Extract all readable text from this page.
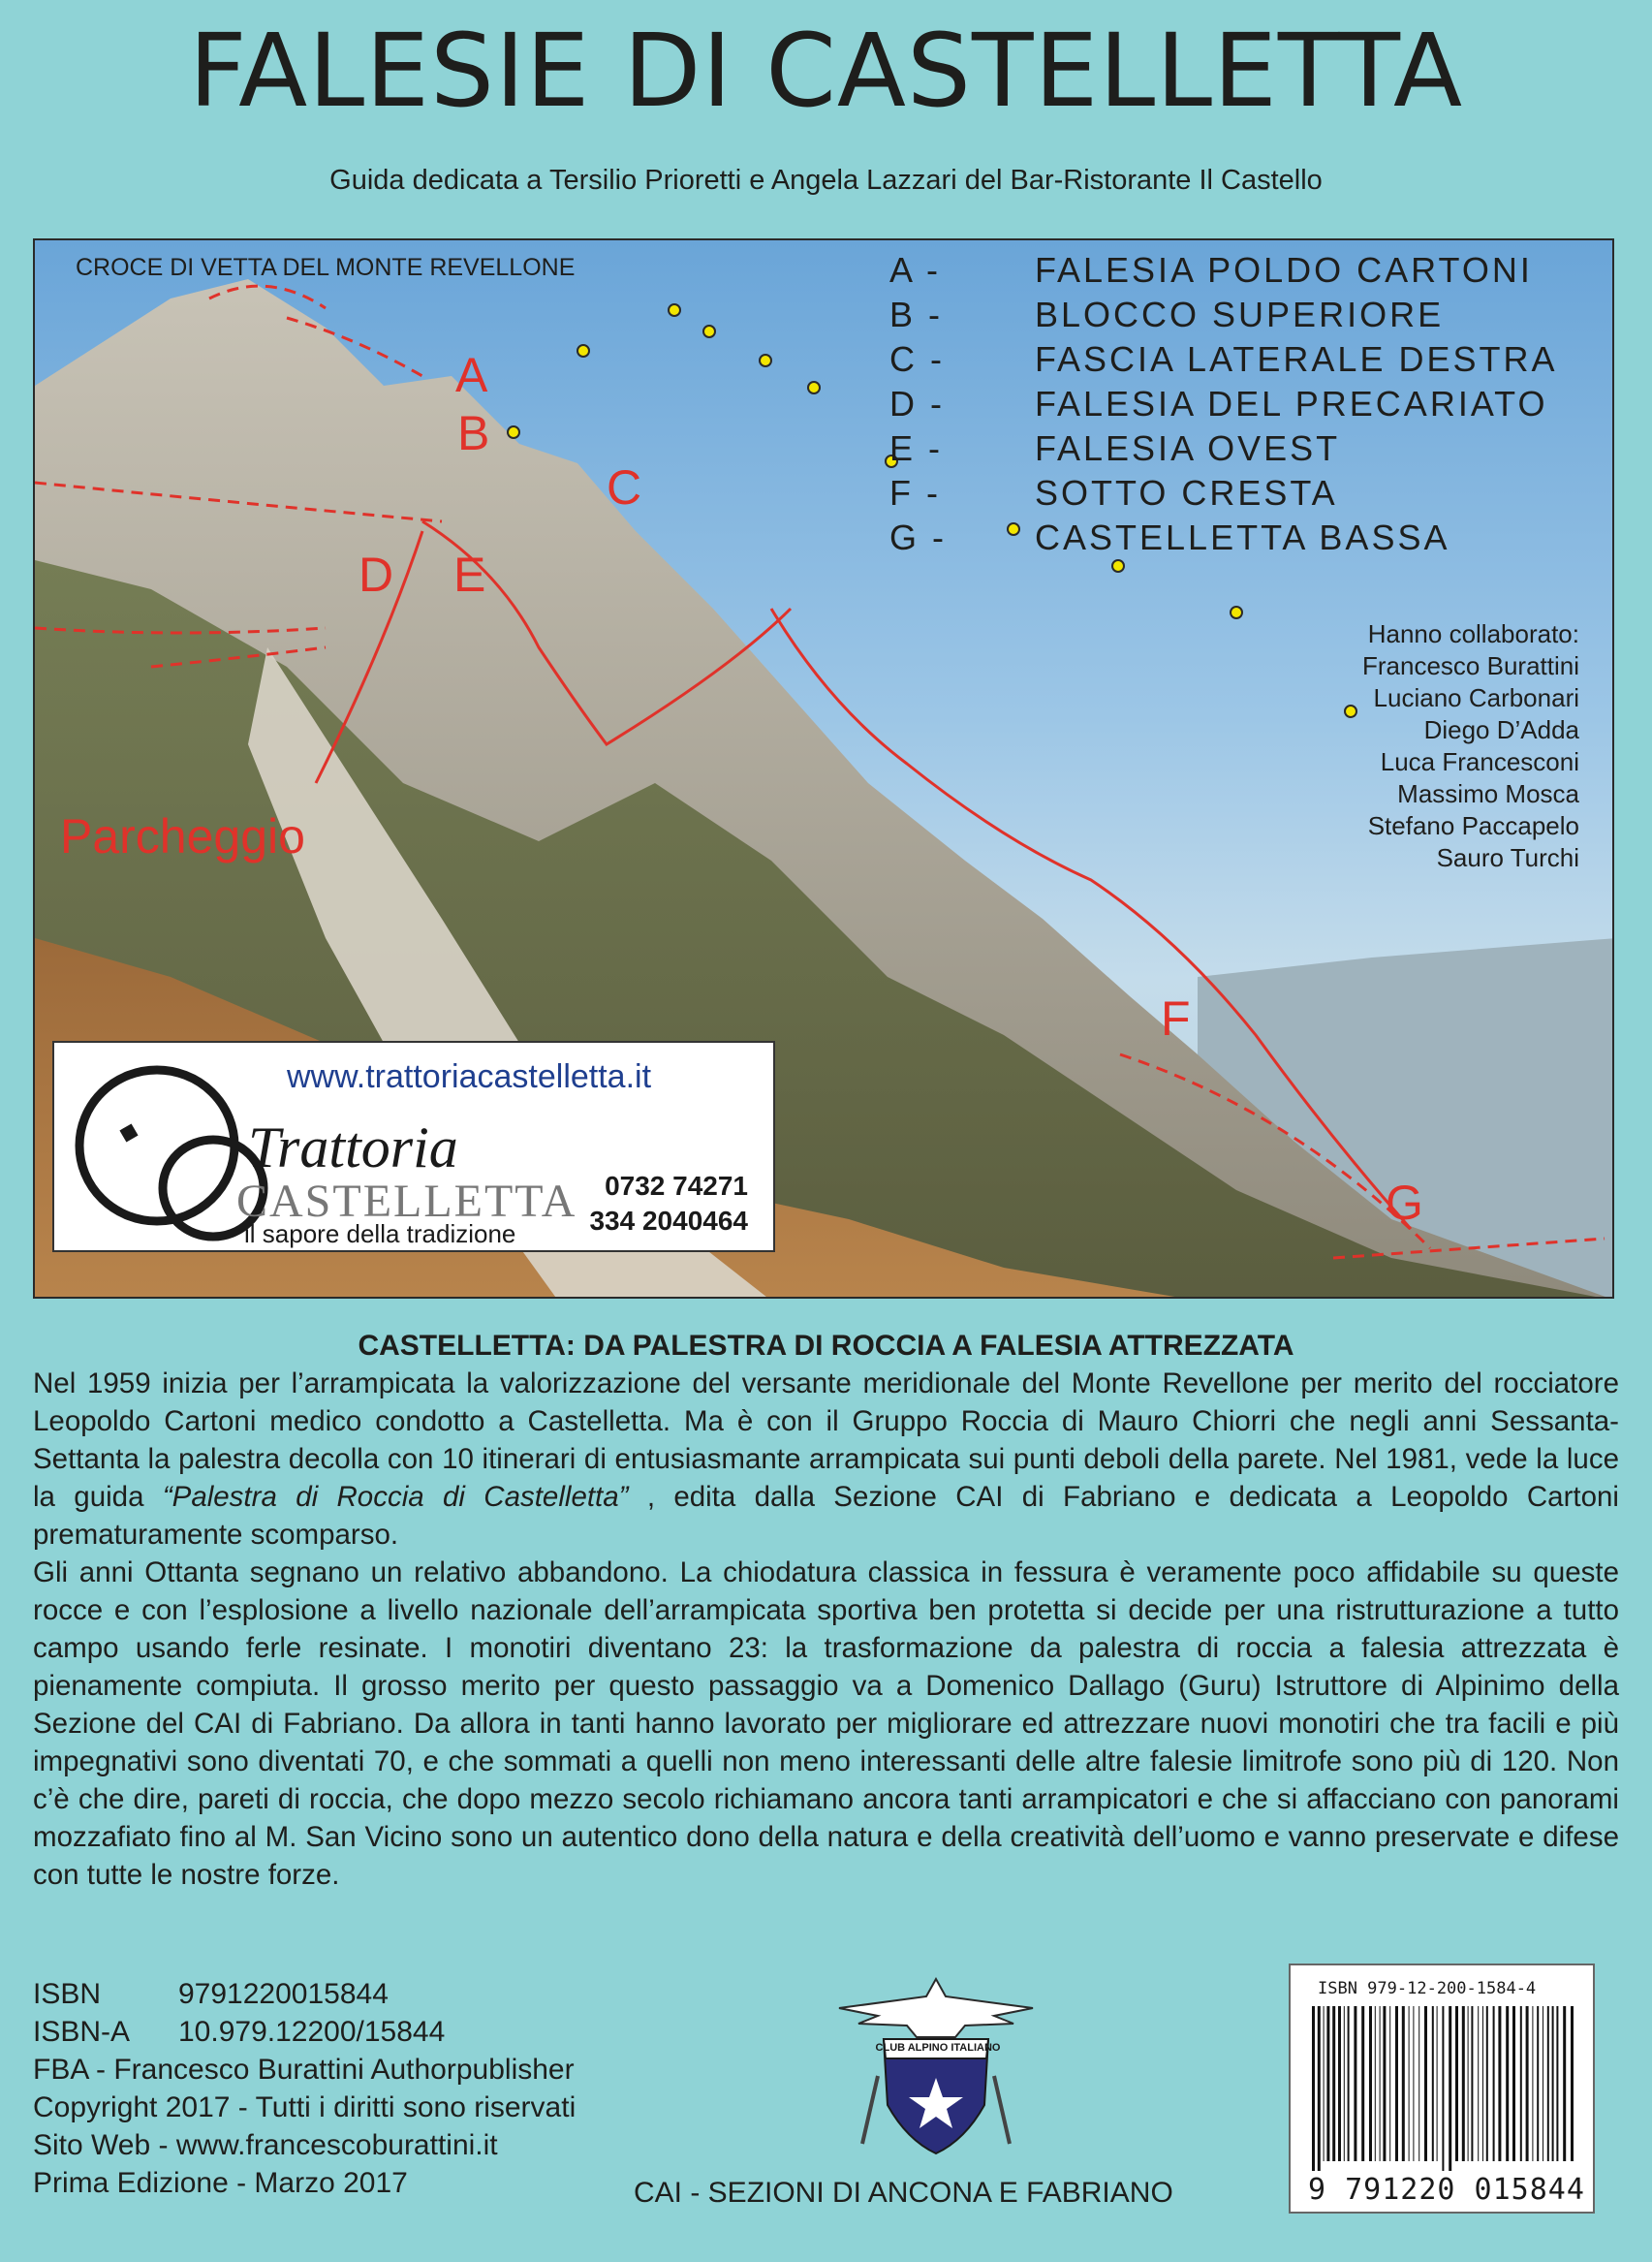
FALESIE DI CASTELLETTA
Guida dedicata a Tersilio Prioretti e Angela Lazzari del Bar-Ristorante Il Castello
CROCE DI VETTA DEL MONTE REVELLONE
A
A -	FALESIA POLDO CARTONI
B -	BLOCCO SUPERIORE
C -	FASCIA LATERALE DESTRA
D -	FALESIA DEL PRECARIATO
E -	FALESIA OVEST
F -	SOTTO CRESTA
G -	CASTELLETTA BASSA
Hanno collaborato:
Francesco Burattini
Luciano Carbonari
Diego D’Adda
Luca Francesconi
Massimo Mosca
Stefano Paccapelo
Sauro Turchi
B
C
D E
F
G
Parcheggio
www.trattoriacastelletta.it
Trattoria
CASTELLETTA
il sapore della tradizione
0732 74271
334 2040464
CASTELLETTA: DA PALESTRA DI ROCCIA A FALESIA ATTREZZATA

Nel 1959 inizia per l’arrampicata la valorizzazione del versante meridionale del Monte Revellone per merito del rocciatore Leopoldo Cartoni medico condotto a Castelletta. Ma è con il Gruppo Roccia di Mauro Chiorri che negli anni Sessanta-Settanta la palestra decolla con 10 itinerari di entusiasmante arrampicata sui punti deboli della parete. Nel 1981, vede la luce la guida “Palestra di Roccia di Castelletta” , edita dalla Sezione CAI di Fabriano e dedicata a Leopoldo Cartoni prematuramente scomparso.

Gli anni Ottanta segnano un relativo abbandono. La chiodatura classica in fessura è veramente poco affidabile su queste rocce e con l’esplosione a livello nazionale dell’arrampicata sportiva ben protetta si decide per una ristrutturazione a tutto campo usando ferle resinate. I monotiri diventano 23: la trasformazione da palestra di roccia a falesia attrezzata è pienamente compiuta. Il grosso merito per questo passaggio va a Domenico Dallago (Guru) Istruttore di Alpinimo della Sezione del CAI di Fabriano. Da allora in tanti hanno lavorato per migliorare ed attrezzare nuovi monotiri che tra facili e più impegnativi sono diventati 70, e che sommati a quelli non meno interessanti delle altre falesie limitrofe sono più di 120. Non c’è che dire, pareti di roccia, che dopo mezzo secolo richiamano ancora tanti arrampicatori e che si affacciano con panorami mozzafiato fino al M. San Vicino sono un autentico dono della natura e della creatività dell’uomo e vanno preservate e difese con tutte le nostre forze.

ISBN	9791220015844
ISBN-A	10.979.12200/15844
FBA - Francesco Burattini Authorpublisher
Copyright 2017 - Tutti i diritti sono riservati
Sito Web - www.francescoburattini.it
Prima Edizione - Marzo 2017
CLUB ALPINO ITALIANO
CAI - SEZIONI DI ANCONA E FABRIANO
ISBN 979-12-200-1584-4
9 791220 015844
